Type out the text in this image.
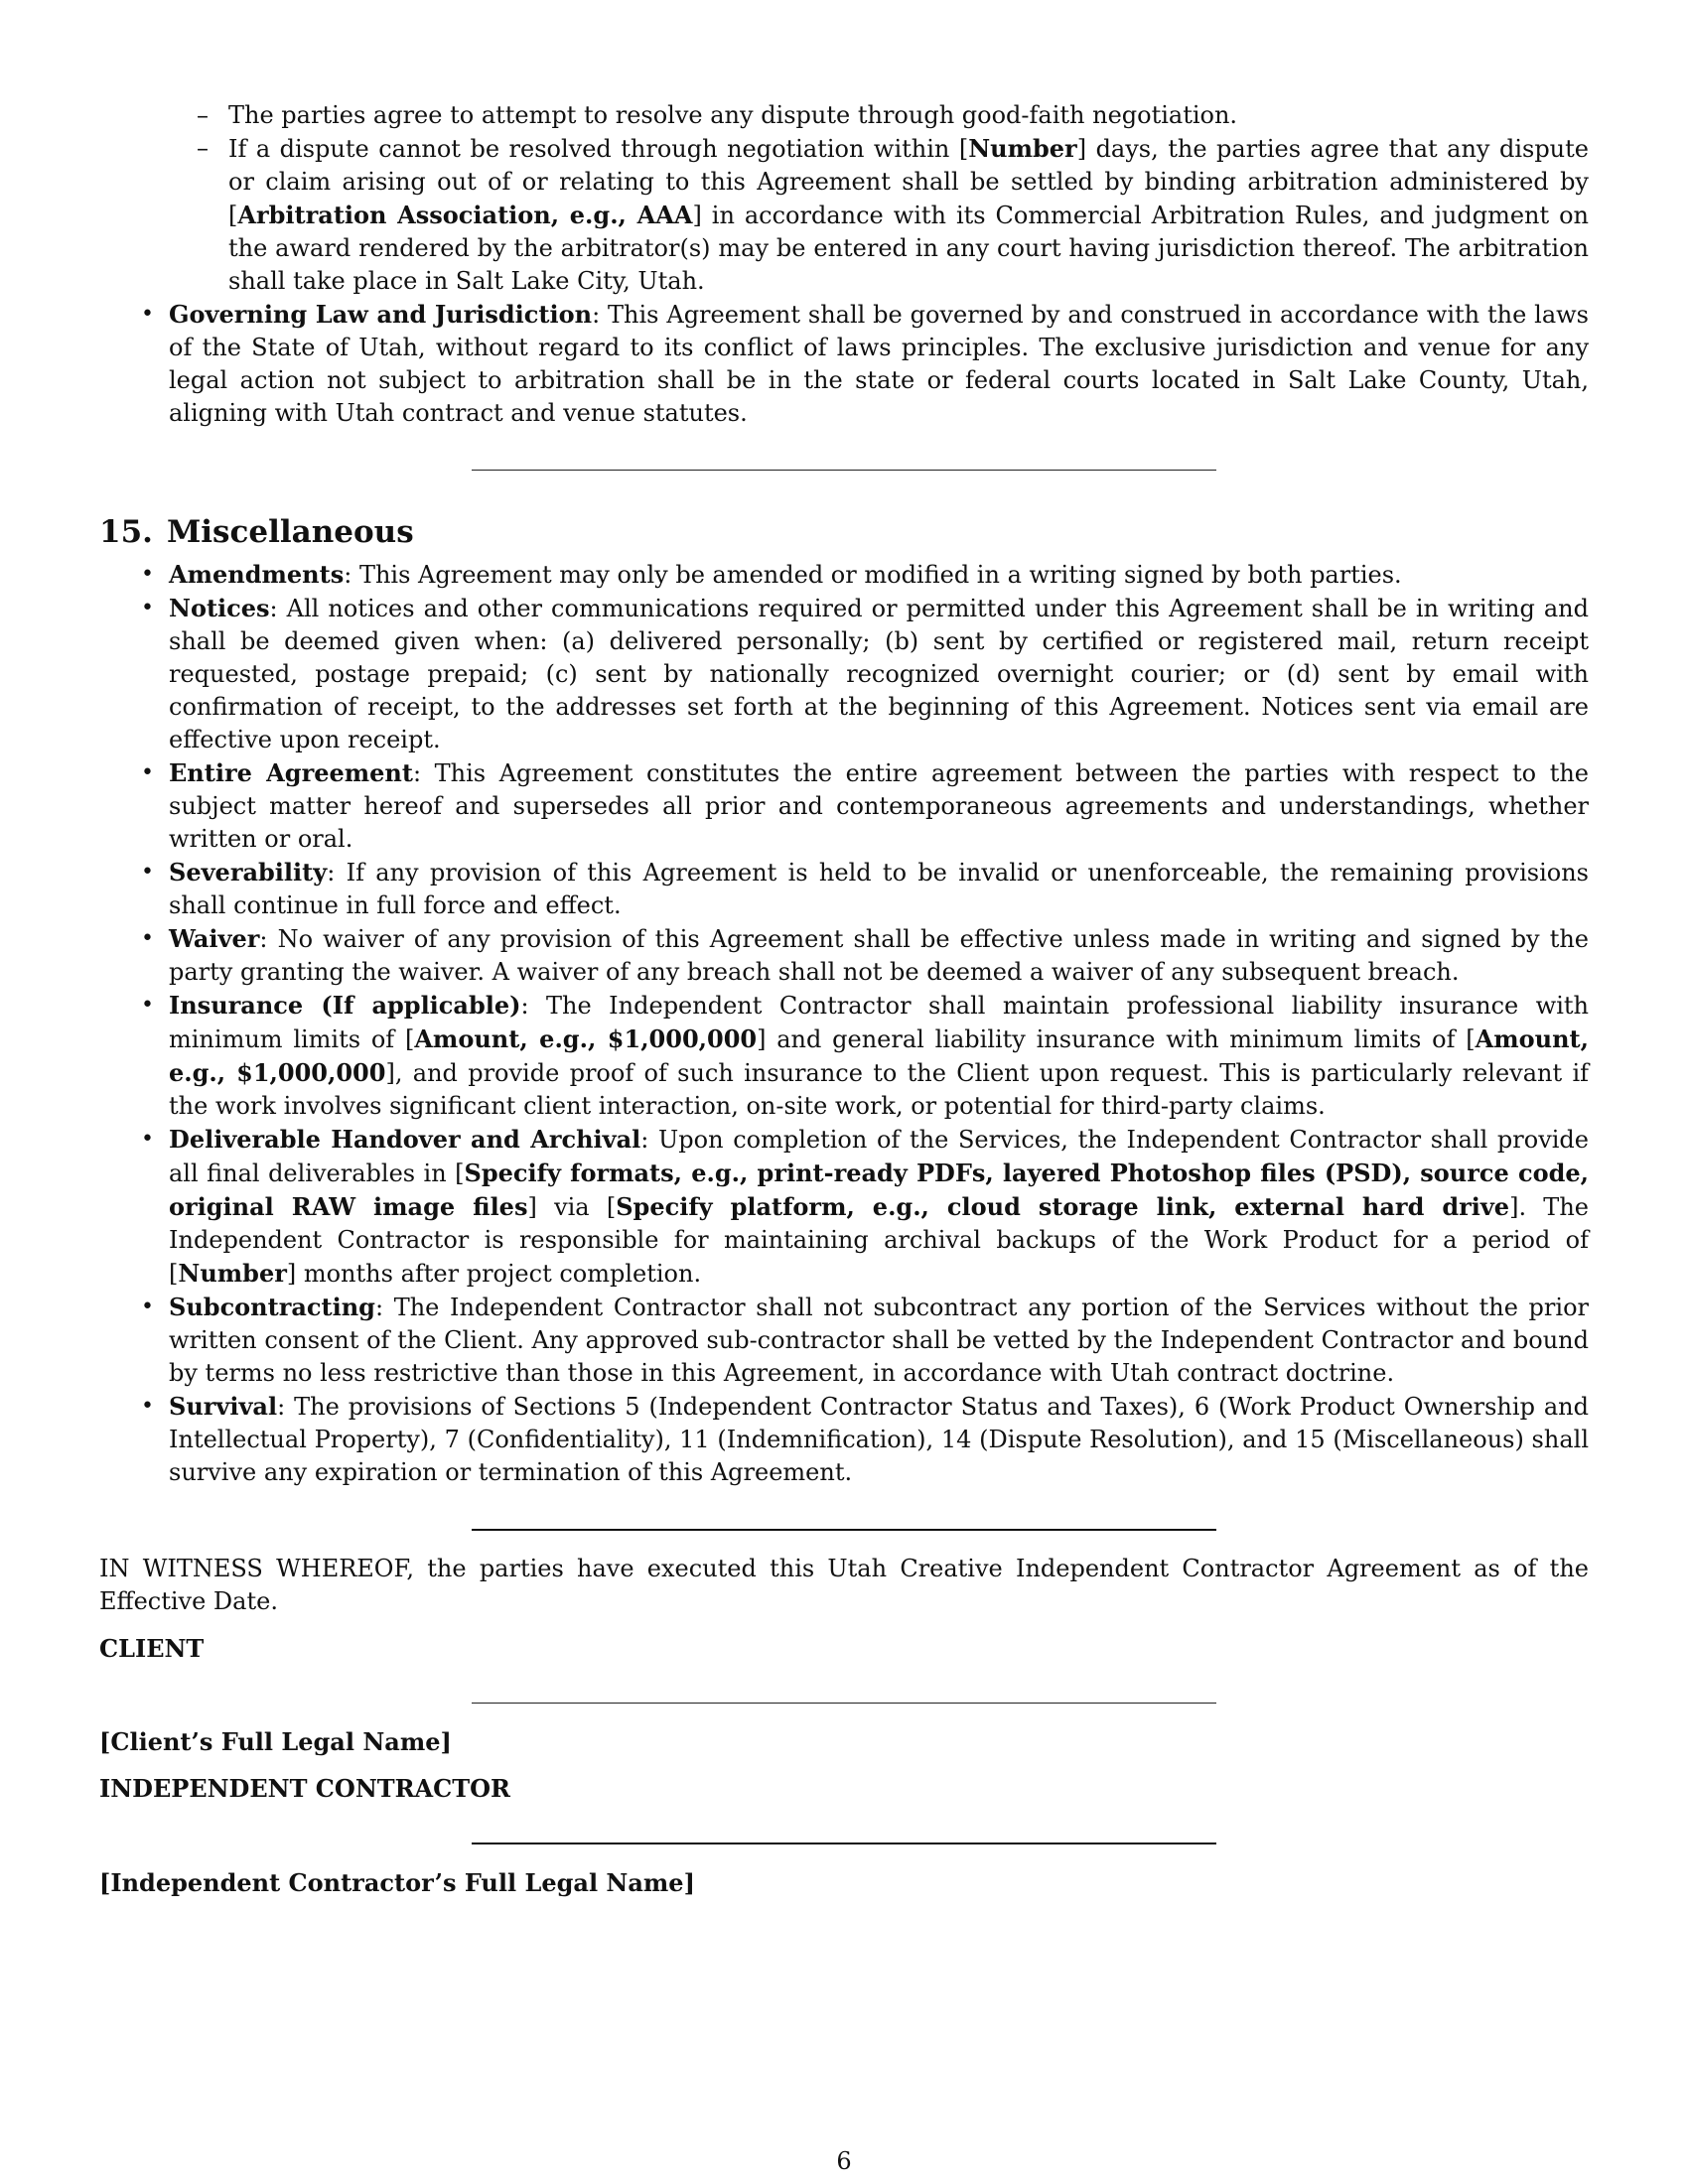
– The parties agree to attempt to resolve any dispute through good-faith negotiation.
– If a dispute cannot be resolved through negotiation within [Number] days, the parties agree that any dispute or claim arising out of or relating to this Agreement shall be settled by binding arbitration administered by [Arbitration Association, e.g., AAA] in accordance with its Commercial Arbitration Rules, and judgment on the award rendered by the arbitrator(s) may be entered in any court having jurisdiction thereof. The arbitration shall take place in Salt Lake City, Utah.
• Governing Law and Jurisdiction: This Agreement shall be governed by and construed in accordance with the laws of the State of Utah, without regard to its conflict of laws principles. The exclusive jurisdiction and venue for any legal action not subject to arbitration shall be in the state or federal courts located in Salt Lake County, Utah, aligning with Utah contract and venue statutes.
15. Miscellaneous
• Amendments: This Agreement may only be amended or modified in a writing signed by both parties.
• Notices: All notices and other communications required or permitted under this Agreement shall be in writing and shall be deemed given when: (a) delivered personally; (b) sent by certified or registered mail, return receipt requested, postage prepaid; (c) sent by nationally recognized overnight courier; or (d) sent by email with confirmation of receipt, to the addresses set forth at the beginning of this Agreement. Notices sent via email are effective upon receipt.
• Entire Agreement: This Agreement constitutes the entire agreement between the parties with respect to the subject matter hereof and supersedes all prior and contemporaneous agreements and understandings, whether written or oral.
• Severability: If any provision of this Agreement is held to be invalid or unenforceable, the remaining provisions shall continue in full force and effect.
• Waiver: No waiver of any provision of this Agreement shall be effective unless made in writing and signed by the party granting the waiver. A waiver of any breach shall not be deemed a waiver of any subsequent breach.
• Insurance (If applicable): The Independent Contractor shall maintain professional liability insurance with minimum limits of [Amount, e.g., $1,000,000] and general liability insurance with minimum limits of [Amount, e.g., $1,000,000], and provide proof of such insurance to the Client upon request. This is particularly relevant if the work involves significant client interaction, on-site work, or potential for third-party claims.
• Deliverable Handover and Archival: Upon completion of the Services, the Independent Contractor shall provide all final deliverables in [Specify formats, e.g., print-ready PDFs, layered Photoshop files (PSD), source code, original RAW image files] via [Specify platform, e.g., cloud storage link, external hard drive]. The Independent Contractor is responsible for maintaining archival backups of the Work Product for a period of [Number] months after project completion.
• Subcontracting: The Independent Contractor shall not subcontract any portion of the Services without the prior written consent of the Client. Any approved sub-contractor shall be vetted by the Independent Contractor and bound by terms no less restrictive than those in this Agreement, in accordance with Utah contract doctrine.
• Survival: The provisions of Sections 5 (Independent Contractor Status and Taxes), 6 (Work Product Ownership and Intellectual Property), 7 (Confidentiality), 11 (Indemnification), 14 (Dispute Resolution), and 15 (Miscellaneous) shall survive any expiration or termination of this Agreement.

IN WITNESS WHEREOF, the parties have executed this Utah Creative Independent Contractor Agreement as of the Effective Date.

CLIENT
[Client’s Full Legal Name]
INDEPENDENT CONTRACTOR
[Independent Contractor’s Full Legal Name]
6
